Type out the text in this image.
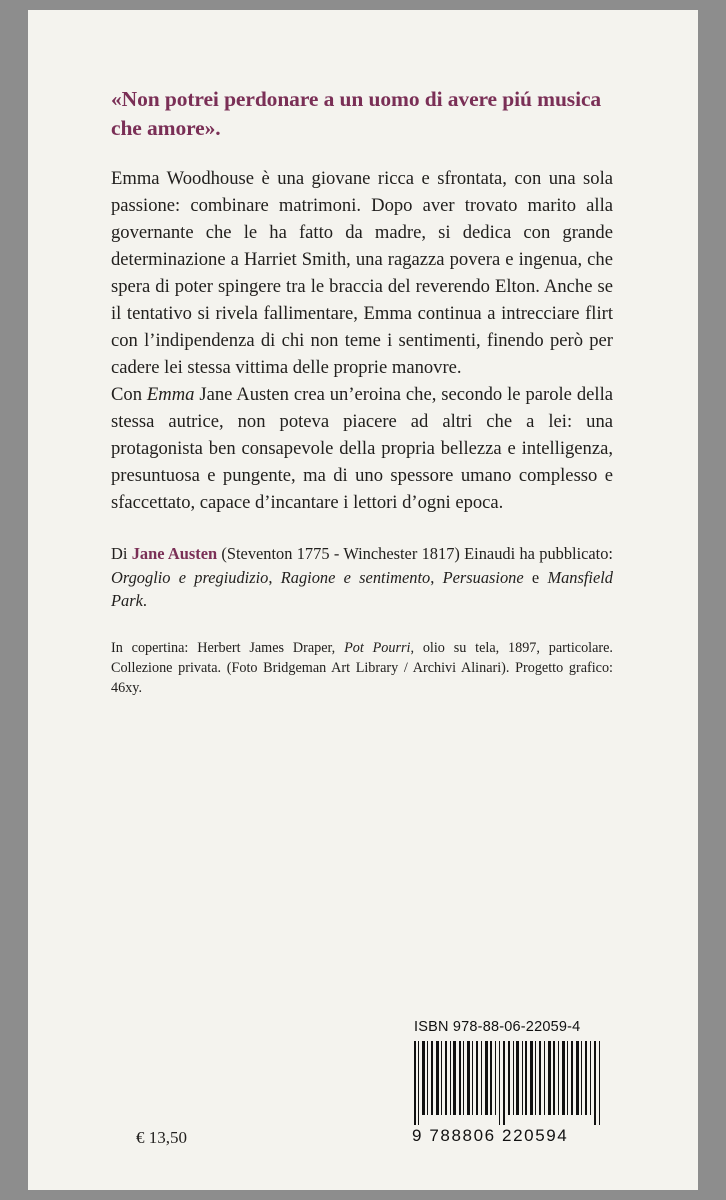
«Non potrei perdonare a un uomo di avere piú musica che amore».

Emma Woodhouse è una giovane ricca e sfrontata, con una sola passione: combinare matrimoni. Dopo aver trovato marito alla governante che le ha fatto da madre, si dedica con grande determinazione a Harriet Smith, una ragazza povera e ingenua, che spera di poter spingere tra le braccia del reverendo Elton. Anche se il tentativo si rivela fallimentare, Emma continua a intrecciare flirt con l’indipendenza di chi non teme i sentimenti, finendo però per cadere lei stessa vittima delle proprie manovre.

Con Emma Jane Austen crea un’eroina che, secondo le parole della stessa autrice, non poteva piacere ad altri che a lei: una protagonista ben consapevole della propria bellezza e intelligenza, presuntuosa e pungente, ma di uno spessore umano complesso e sfaccettato, capace d’incantare i lettori d’ogni epoca.

Di Jane Austen (Steventon 1775 - Winchester 1817) Einaudi ha pubblicato: Orgoglio e pregiudizio, Ragione e sentimento, Persuasione e Mansfield Park.

In copertina: Herbert James Draper, Pot Pourri, olio su tela, 1897, particolare. Collezione privata. (Foto Bridgeman Art Library / Archivi Alinari). Progetto grafico: 46xy.

ISBN 978-88-06-22059-4

9 788806 220594

€ 13,50
